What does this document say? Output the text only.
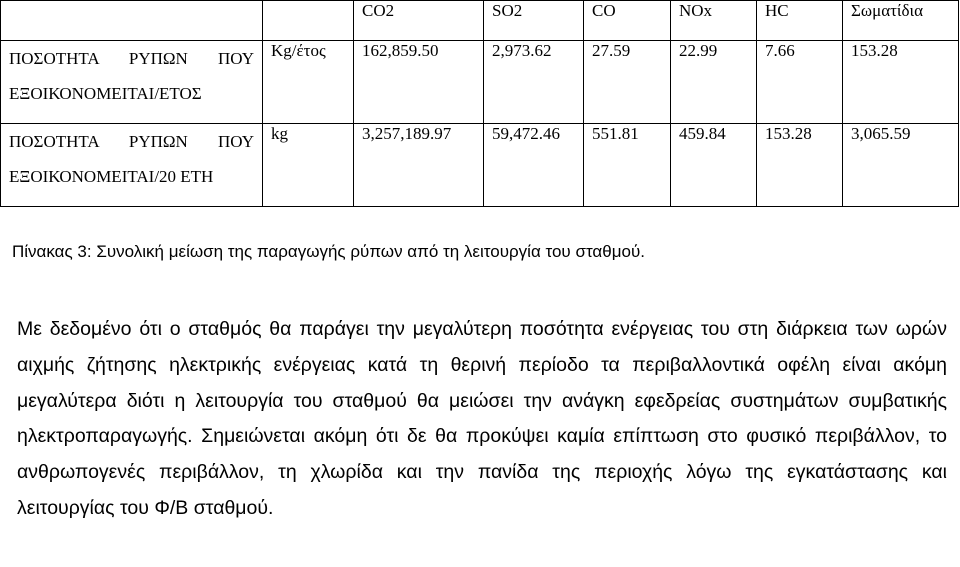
		CO2	SO2	CO	NOx	HC	Σωματίδια

ΠΟΣΟΤΗΤΑ ΡΥΠΩΝ ΠΟΥ
ΕΞΟΙΚΟΝΟΜΕΙΤΑΙ/ΕΤΟΣ	Kg/έτος	162,859.50	2,973.62	27.59	22.99	7.66	153.28

ΠΟΣΟΤΗΤΑ ΡΥΠΩΝ ΠΟΥ
ΕΞΟΙΚΟΝΟΜΕΙΤΑΙ/20 ΕΤΗ	kg	3,257,189.97	59,472.46	551.81	459.84	153.28	3,065.59
Πίνακας 3: Συνολική μείωση της παραγωγής ρύπων από τη λειτουργία του σταθμού.

Με δεδομένο ότι ο σταθμός θα παράγει την μεγαλύτερη ποσότητα ενέργειας του στη διάρκεια των ωρών αιχμής ζήτησης ηλεκτρικής ενέργειας κατά τη θερινή περίοδο τα περιβαλλοντικά οφέλη είναι ακόμη μεγαλύτερα διότι η λειτουργία του σταθμού θα μειώσει την ανάγκη εφεδρείας συστημάτων συμβατικής ηλεκτροπαραγωγής. Σημειώνεται ακόμη ότι δε θα προκύψει καμία επίπτωση στο φυσικό περιβάλλον, το ανθρωπογενές περιβάλλον, τη χλωρίδα και την πανίδα της περιοχής λόγω της εγκατάστασης και λειτουργίας του Φ/Β σταθμού.
